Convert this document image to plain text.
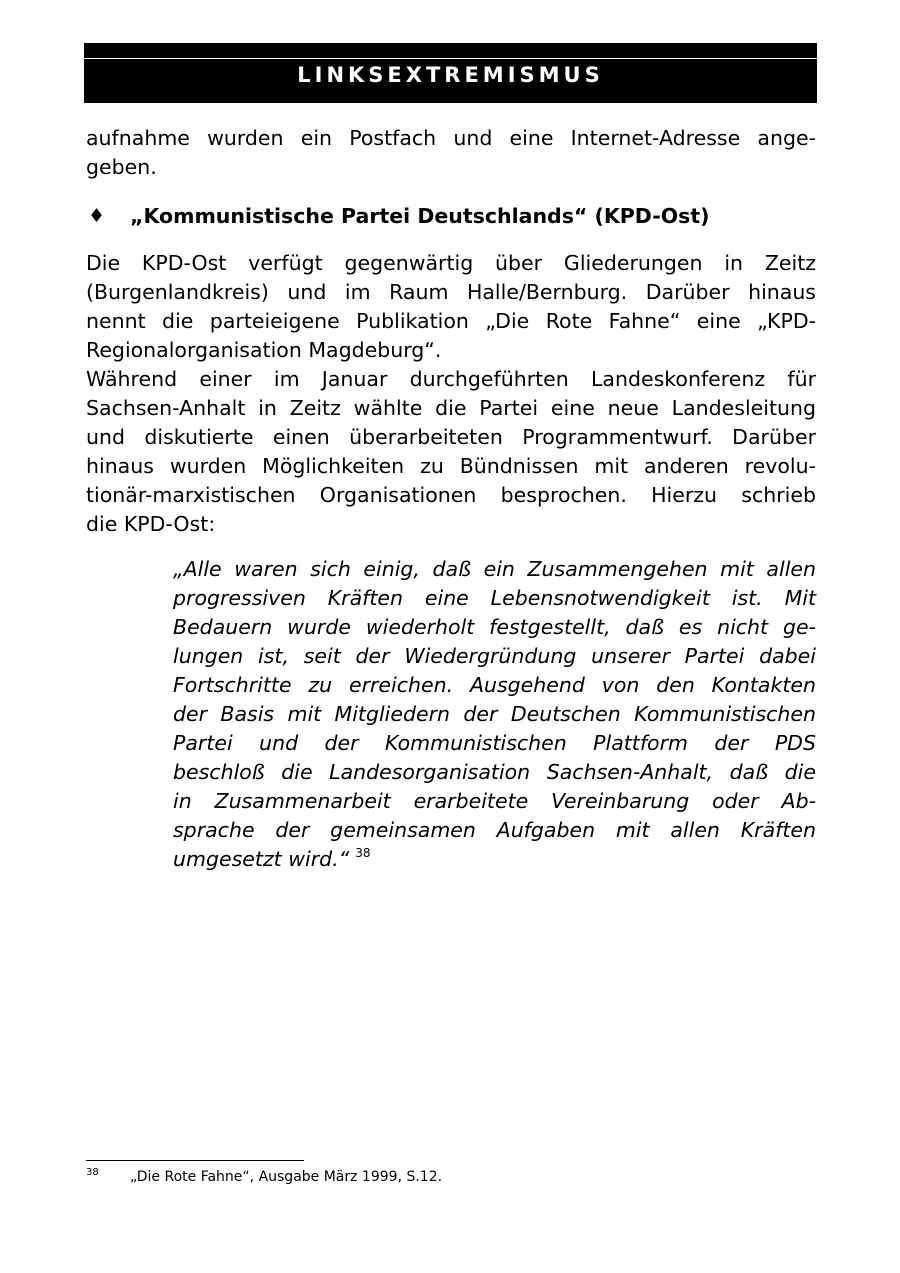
LINKSEXTREMISMUS
aufnahme wurden ein Postfach und eine Internet-Adresse ange-
geben.
♦ „Kommunistische Partei Deutschlands“ (KPD-Ost)
Die KPD-Ost verfügt gegenwärtig über Gliederungen in Zeitz
(Burgenlandkreis) und im Raum Halle/Bernburg. Darüber hinaus
nennt die parteieigene Publikation „Die Rote Fahne“ eine „KPD-
Regionalorganisation Magdeburg“.
Während einer im Januar durchgeführten Landeskonferenz für
Sachsen-Anhalt in Zeitz wählte die Partei eine neue Landesleitung
und diskutierte einen überarbeiteten Programmentwurf. Darüber
hinaus wurden Möglichkeiten zu Bündnissen mit anderen revolu-
tionär-marxistischen Organisationen besprochen. Hierzu schrieb
die KPD-Ost:
„Alle waren sich einig, daß ein Zusammengehen mit allen
progressiven Kräften eine Lebensnotwendigkeit ist. Mit
Bedauern wurde wiederholt festgestellt, daß es nicht ge-
lungen ist, seit der Wiedergründung unserer Partei dabei
Fortschritte zu erreichen. Ausgehend von den Kontakten
der Basis mit Mitgliedern der Deutschen Kommunistischen
Partei und der Kommunistischen Plattform der PDS
beschloß die Landesorganisation Sachsen-Anhalt, daß die
in Zusammenarbeit erarbeitete Vereinbarung oder Ab-
sprache der gemeinsamen Aufgaben mit allen Kräften
umgesetzt wird.“ $^{38}$
38 „Die Rote Fahne“, Ausgabe März 1999, S.12.
